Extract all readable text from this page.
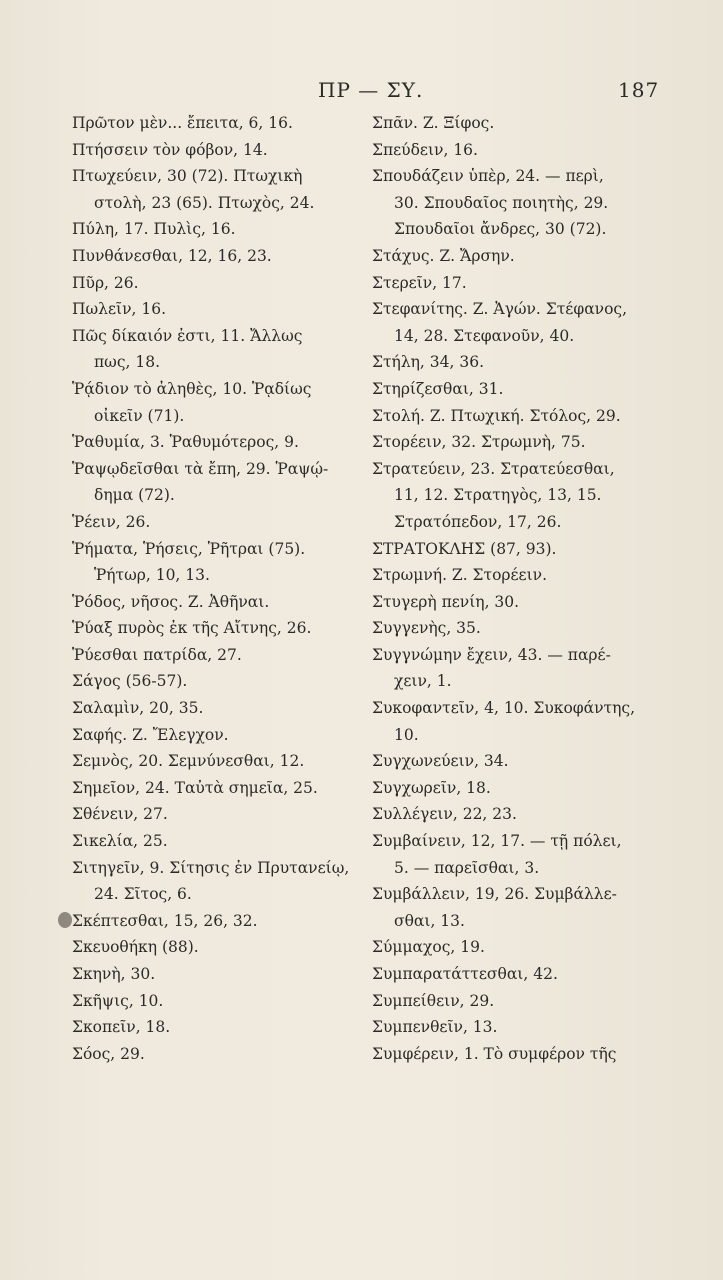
ΠΡ — ΣΥ.	187
Πρῶτον μὲν... ἔπειτα, 6, 16.
Πτήσσειν τὸν φόβον, 14.
Πτωχεύειν, 30 (72). Πτωχικὴ
στολὴ, 23 (65). Πτωχὸς, 24.
Πύλη, 17. Πυλὶς, 16.
Πυνθάνεσθαι, 12, 16, 23.
Πῦρ, 26.
Πωλεῖν, 16.
Πῶς δίκαιόν ἐστι, 11. Ἄλλως
πως, 18.
Ῥᾴδιον τὸ ἀληθὲς, 10. Ῥᾳδίως
οἰκεῖν (71).
Ῥαθυμία, 3. Ῥαθυμότερος, 9.
Ῥαψῳδεῖσθαι τὰ ἔπη, 29. Ῥαψῴ-
δημα (72).
Ῥέειν, 26.
Ῥήματα, Ῥήσεις, Ῥῆτραι (75).
Ῥήτωρ, 10, 13.
Ῥόδος, νῆσος. Ζ. Ἀθῆναι.
Ῥύαξ πυρὸς ἐκ τῆς Αἴτνης, 26.
Ῥύεσθαι πατρίδα, 27.
Σάγος (56-57).
Σαλαμὶν, 20, 35.
Σαφής. Ζ. Ἔλεγχον.
Σεμνὸς, 20. Σεμνύνεσθαι, 12.
Σημεῖον, 24. Ταὐτὰ σημεῖα, 25.
Σθένειν, 27.
Σικελία, 25.
Σιτηγεῖν, 9. Σίτησις ἐν Πρυτανείῳ,
24. Σῖτος, 6.
Σκέπτεσθαι, 15, 26, 32.
Σκευοθήκη (88).
Σκηνὴ, 30.
Σκῆψις, 10.
Σκοπεῖν, 18.
Σόος, 29.
Σπᾶν. Ζ. Ξίφος.
Σπεύδειν, 16.
Σπουδάζειν ὑπὲρ, 24. — περὶ,
30. Σπουδαῖος ποιητὴς, 29.
Σπουδαῖοι ἄνδρες, 30 (72).
Στάχυς. Ζ. Ἄρσην.
Στερεῖν, 17.
Στεφανίτης. Ζ. Ἀγών. Στέφανος,
14, 28. Στεφανοῦν, 40.
Στήλη, 34, 36.
Στηρίζεσθαι, 31.
Στολή. Ζ. Πτωχική. Στόλος, 29.
Στορέειν, 32. Στρωμνὴ, 75.
Στρατεύειν, 23. Στρατεύεσθαι,
11, 12. Στρατηγὸς, 13, 15.
Στρατόπεδον, 17, 26.
ΣΤΡΑΤΟΚΛΗΣ (87, 93).
Στρωμνή. Ζ. Στορέειν.
Στυγερὴ πενίη, 30.
Συγγενὴς, 35.
Συγγνώμην ἔχειν, 43. — παρέ-
χειν, 1.
Συκοφαντεῖν, 4, 10. Συκοφάντης,
10.
Συγχωνεύειν, 34.
Συγχωρεῖν, 18.
Συλλέγειν, 22, 23.
Συμβαίνειν, 12, 17. — τῇ πόλει,
5. — παρεῖσθαι, 3.
Συμβάλλειν, 19, 26. Συμβάλλε-
σθαι, 13.
Σύμμαχος, 19.
Συμπαρατάττεσθαι, 42.
Συμπείθειν, 29.
Συμπενθεῖν, 13.
Συμφέρειν, 1. Τὸ συμφέρον τῆς
